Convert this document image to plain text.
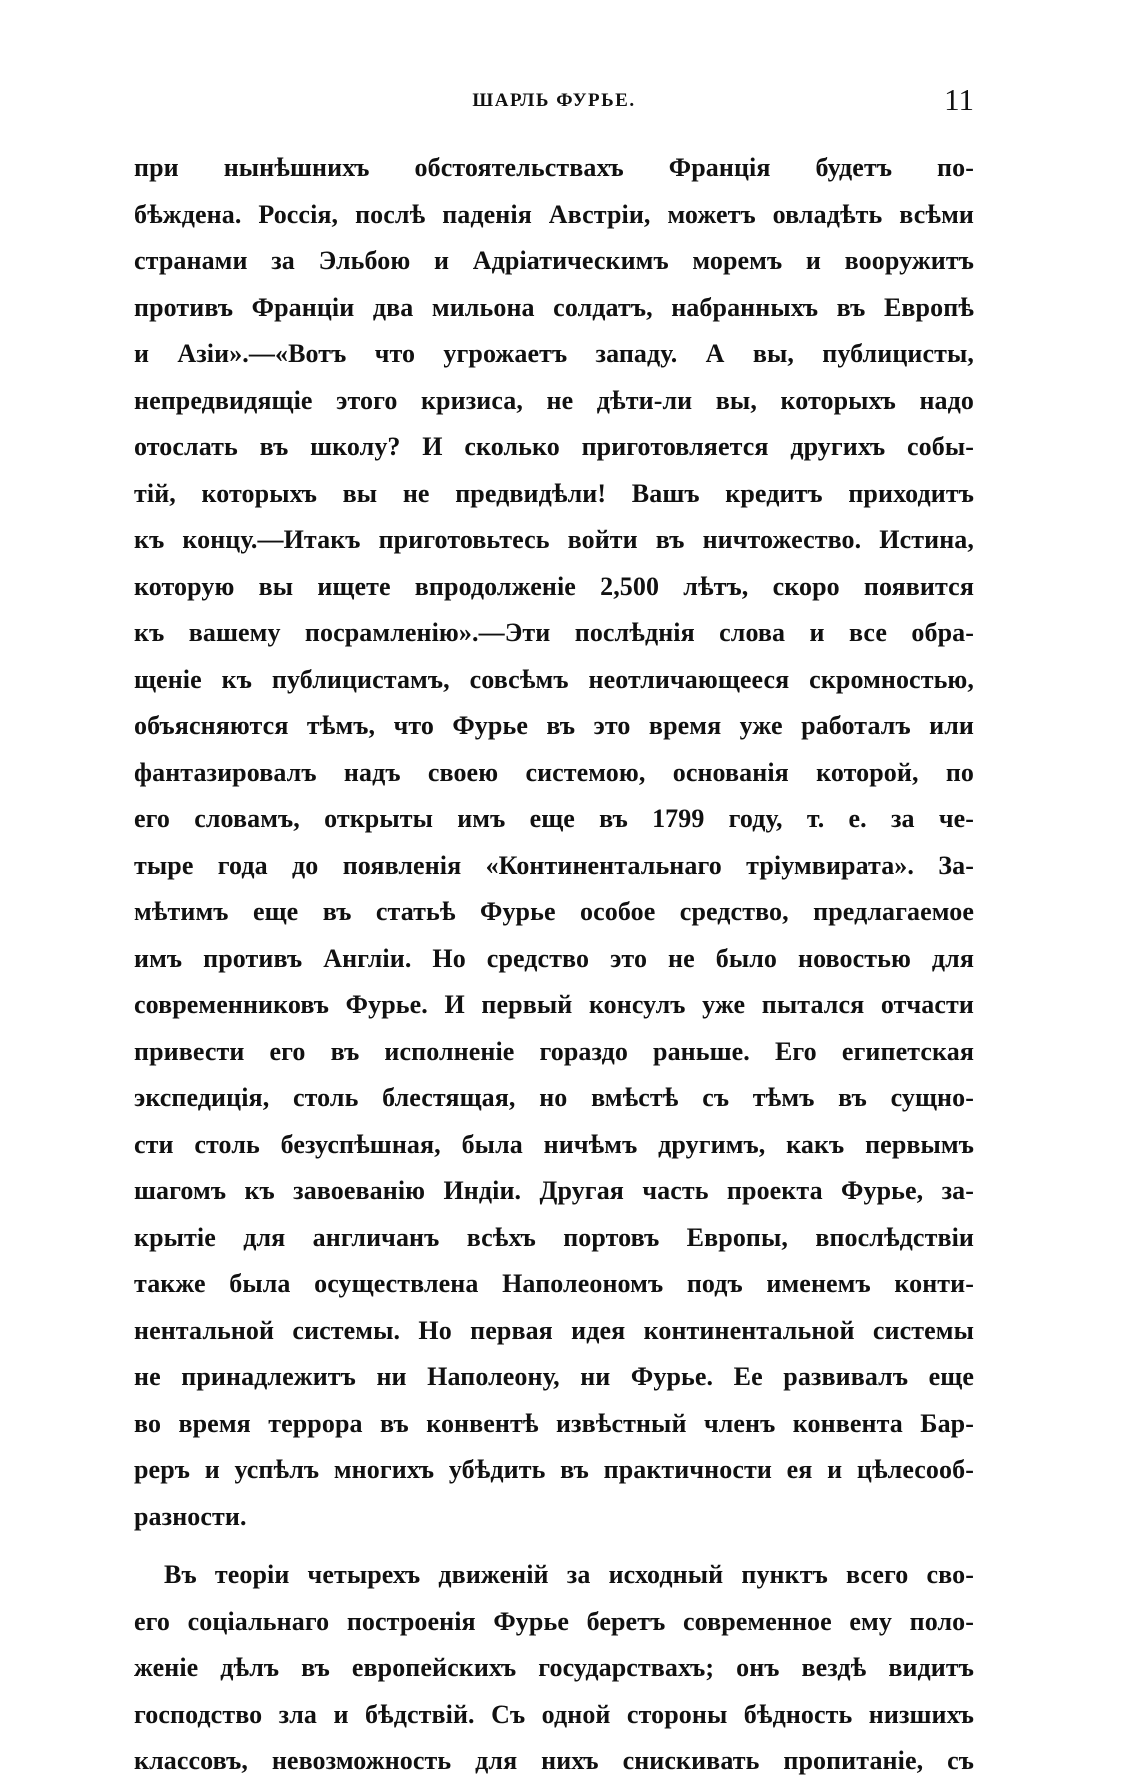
ШАРЛЬ ФУРЬЕ.	11
при нынѣшнихъ обстоятельствахъ Франція будетъ по-
бѣждена. Россія, послѣ паденія Австріи, можетъ овладѣть всѣми
странами за Эльбою и Адріатическимъ моремъ и вооружитъ
противъ Франціи два мильона солдатъ, набранныхъ въ Европѣ
и Азіи».—«Вотъ что угрожаетъ западу. А вы, публицисты,
непредвидящіе этого кризиса, не дѣти-ли вы, которыхъ надо
отослать въ школу? И сколько приготовляется другихъ собы-
тій, которыхъ вы не предвидѣли! Вашъ кредитъ приходитъ
къ концу.—Итакъ приготовьтесь войти въ ничтожество. Истина,
которую вы ищете впродолженіе 2,500 лѣтъ, скоро появится
къ вашему посрамленію».—Эти послѣднія слова и все обра-
щеніе къ публицистамъ, совсѣмъ неотличающееся скромностью,
объясняются тѣмъ, что Фурье въ это время уже работалъ или
фантазировалъ надъ своею системою, основанія которой, по
его словамъ, открыты имъ еще въ 1799 году, т. е. за че-
тыре года до появленія «Континентальнаго тріумвирата». За-
мѣтимъ еще въ статьѣ Фурье особое средство, предлагаемое
имъ противъ Англіи. Но средство это не было новостью для
современниковъ Фурье. И первый консулъ уже пытался отчасти
привести его въ исполненіе гораздо раньше. Его египетская
экспедиція, столь блестящая, но вмѣстѣ съ тѣмъ въ сущно-
сти столь безуспѣшная, была ничѣмъ другимъ, какъ первымъ
шагомъ къ завоеванію Индіи. Другая часть проекта Фурье, за-
крытіе для англичанъ всѣхъ портовъ Европы, впослѣдствіи
также была осуществлена Наполеономъ подъ именемъ конти-
нентальной системы. Но первая идея континентальной системы
не принадлежитъ ни Наполеону, ни Фурье. Ее развивалъ еще
во время террора въ конвентѣ извѣстный членъ конвента Бар-
реръ и успѣлъ многихъ убѣдить въ практичности ея и цѣлесооб-
разности.
Въ теоріи четырехъ движеній за исходный пунктъ всего сво-
его соціальнаго построенія Фурье беретъ современное ему поло-
женіе дѣлъ въ европейскихъ государствахъ; онъ вездѣ видитъ
господство зла и бѣдствій. Съ одной стороны бѣдность низшихъ
классовъ, невозможность для нихъ снискивать пропитаніе, съ
